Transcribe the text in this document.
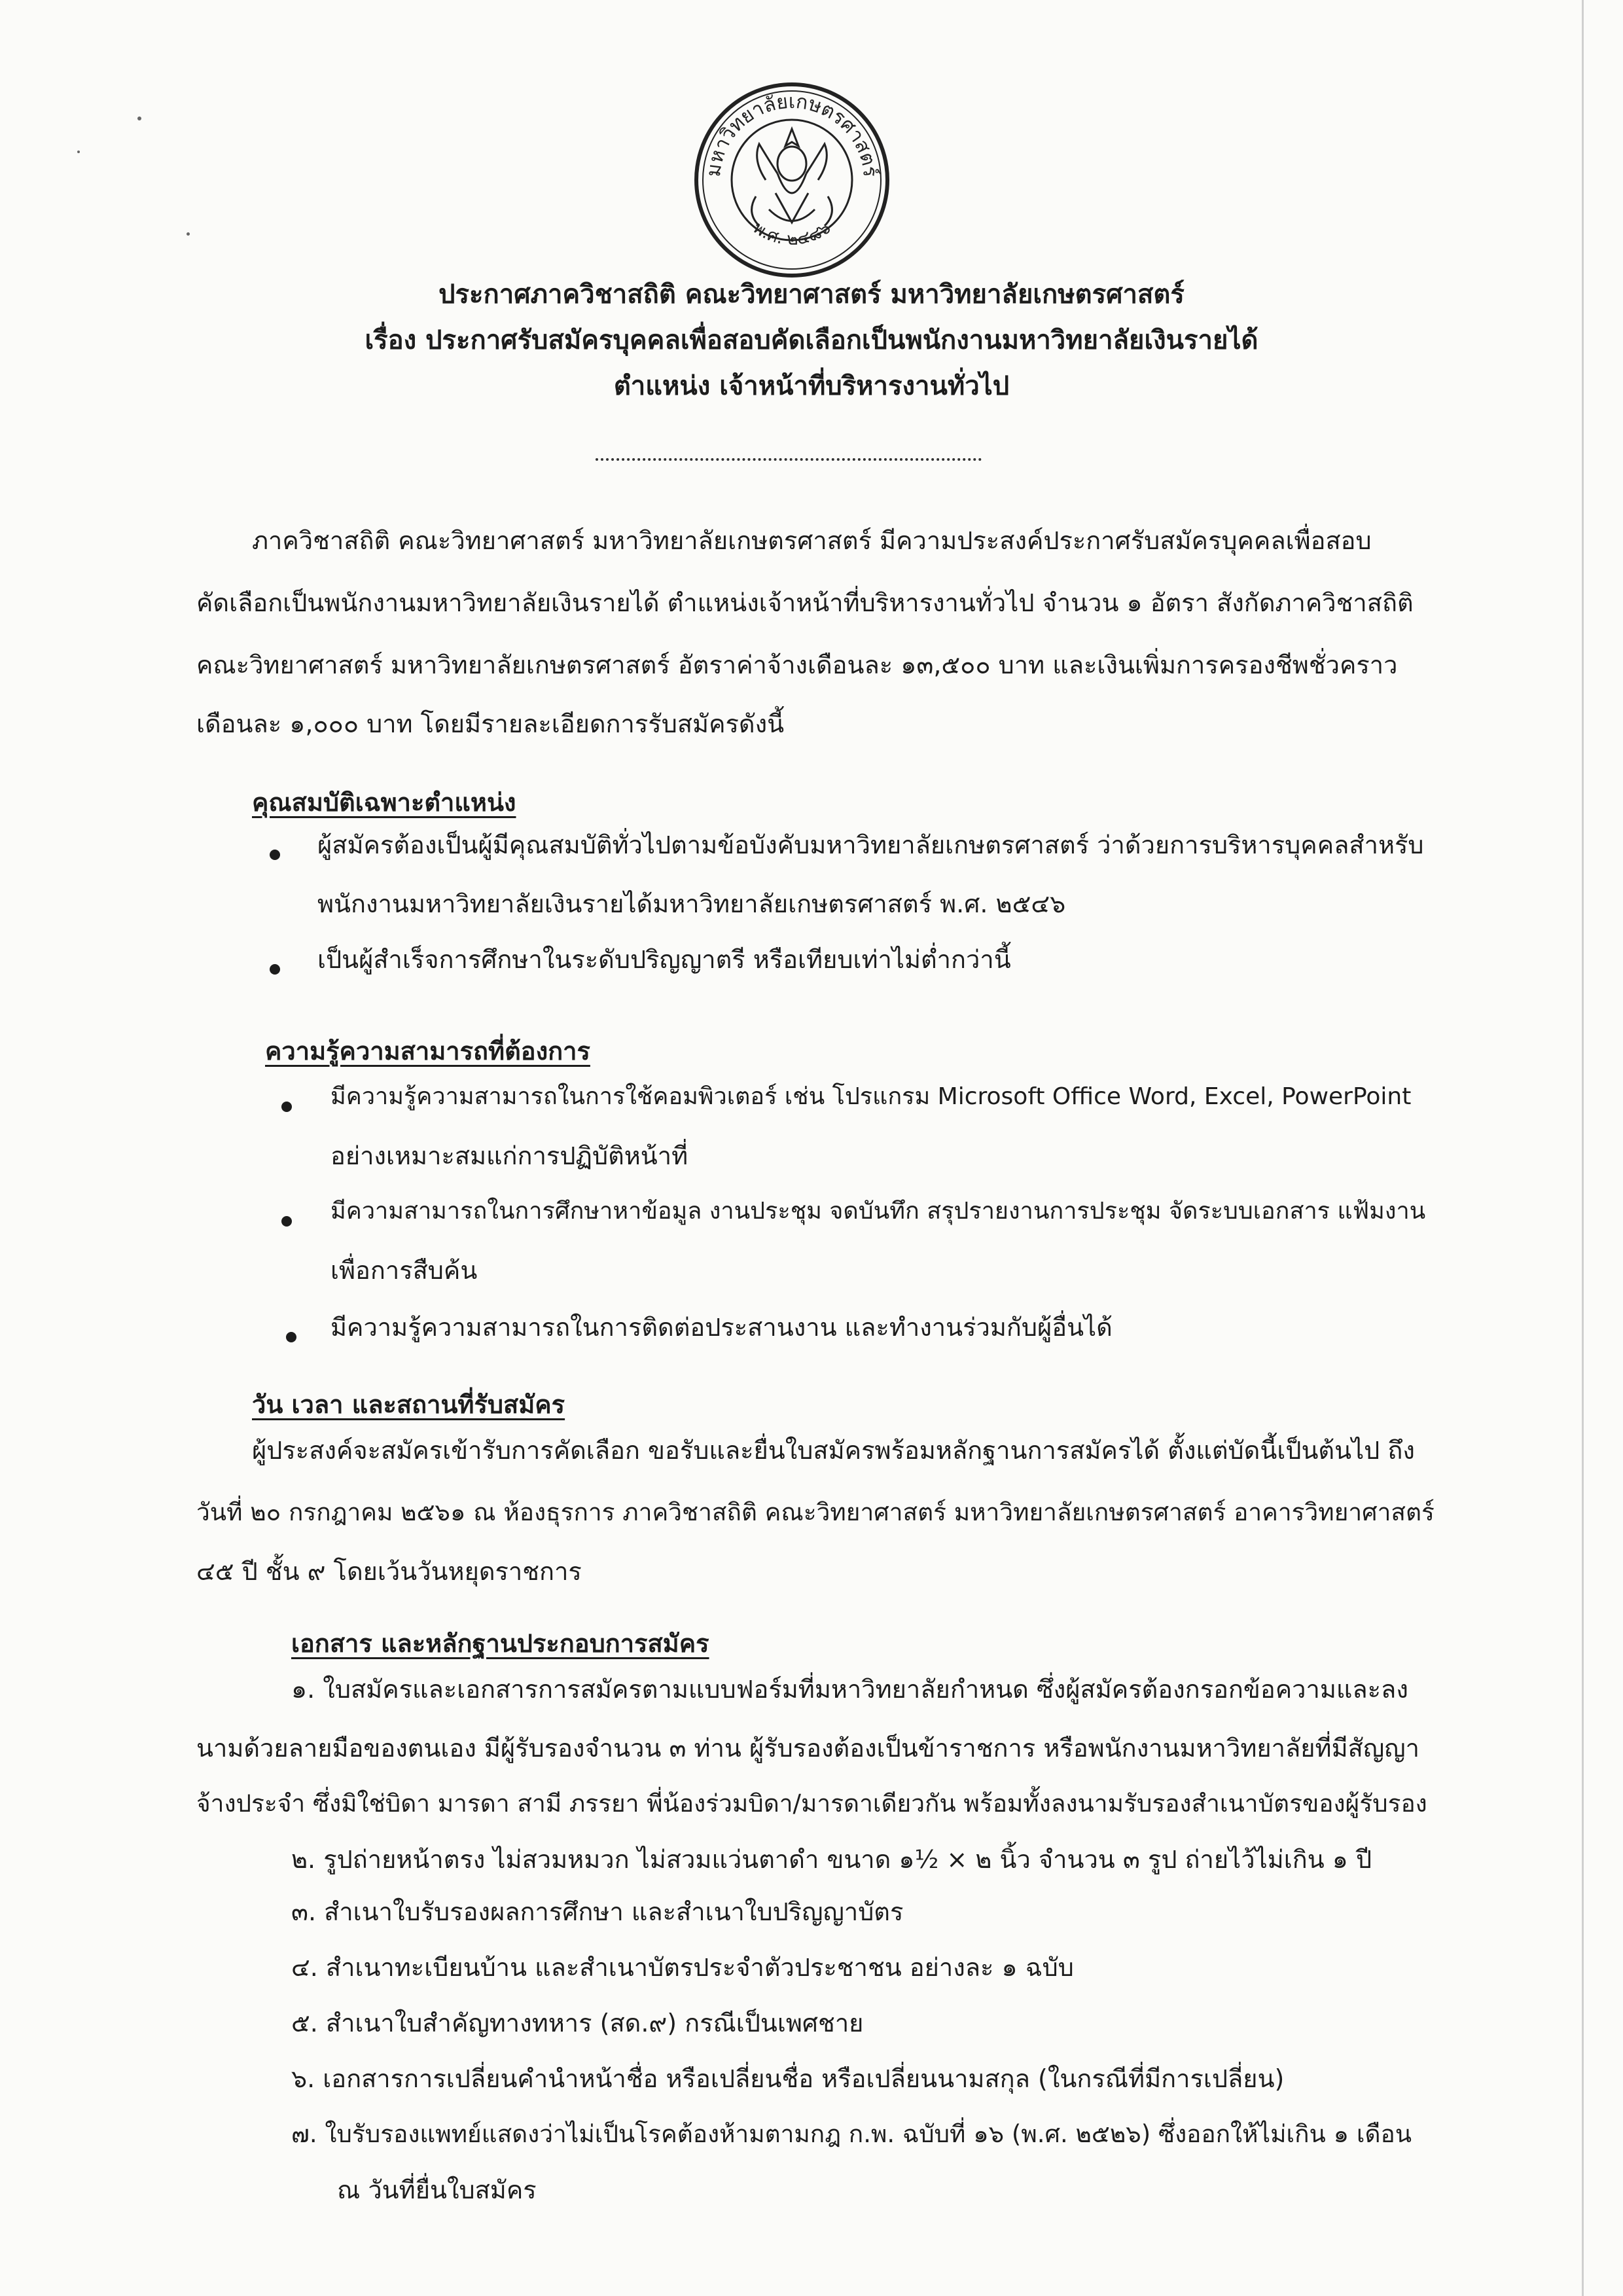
มหาวิทยาลัยเกษตรศาสตร์
พ.ศ. ๒๔๘๖
ประกาศภาควิชาสถิติ คณะวิทยาศาสตร์ มหาวิทยาลัยเกษตรศาสตร์
เรื่อง ประกาศรับสมัครบุคคลเพื่อสอบคัดเลือกเป็นพนักงานมหาวิทยาลัยเงินรายได้
ตำแหน่ง เจ้าหน้าที่บริหารงานทั่วไป
ภาควิชาสถิติ คณะวิทยาศาสตร์ มหาวิทยาลัยเกษตรศาสตร์ มีความประสงค์ประกาศรับสมัครบุคคลเพื่อสอบ
คัดเลือกเป็นพนักงานมหาวิทยาลัยเงินรายได้ ตำแหน่งเจ้าหน้าที่บริหารงานทั่วไป จำนวน ๑ อัตรา สังกัดภาควิชาสถิติ
คณะวิทยาศาสตร์ มหาวิทยาลัยเกษตรศาสตร์ อัตราค่าจ้างเดือนละ ๑๓,๕๐๐ บาท และเงินเพิ่มการครองชีพชั่วคราว
เดือนละ ๑,๐๐๐ บาท โดยมีรายละเอียดการรับสมัครดังนี้
คุณสมบัติเฉพาะตำแหน่ง
ผู้สมัครต้องเป็นผู้มีคุณสมบัติทั่วไปตามข้อบังคับมหาวิทยาลัยเกษตรศาสตร์ ว่าด้วยการบริหารบุคคลสำหรับ
พนักงานมหาวิทยาลัยเงินรายได้มหาวิทยาลัยเกษตรศาสตร์ พ.ศ. ๒๕๔๖
เป็นผู้สำเร็จการศึกษาในระดับปริญญาตรี หรือเทียบเท่าไม่ต่ำกว่านี้
ความรู้ความสามารถที่ต้องการ
มีความรู้ความสามารถในการใช้คอมพิวเตอร์ เช่น โปรแกรม Microsoft Office Word, Excel, PowerPoint
อย่างเหมาะสมแก่การปฏิบัติหน้าที่
มีความสามารถในการศึกษาหาข้อมูล งานประชุม จดบันทึก สรุปรายงานการประชุม จัดระบบเอกสาร แฟ้มงาน
เพื่อการสืบค้น
มีความรู้ความสามารถในการติดต่อประสานงาน และทำงานร่วมกับผู้อื่นได้
วัน เวลา และสถานที่รับสมัคร
ผู้ประสงค์จะสมัครเข้ารับการคัดเลือก ขอรับและยื่นใบสมัครพร้อมหลักฐานการสมัครได้ ตั้งแต่บัดนี้เป็นต้นไป ถึง
วันที่ ๒๐ กรกฎาคม ๒๕๖๑ ณ ห้องธุรการ ภาควิชาสถิติ คณะวิทยาศาสตร์ มหาวิทยาลัยเกษตรศาสตร์ อาคารวิทยาศาสตร์
๔๕ ปี ชั้น ๙ โดยเว้นวันหยุดราชการ
เอกสาร และหลักฐานประกอบการสมัคร
๑. ใบสมัครและเอกสารการสมัครตามแบบฟอร์มที่มหาวิทยาลัยกำหนด ซึ่งผู้สมัครต้องกรอกข้อความและลง
นามด้วยลายมือของตนเอง มีผู้รับรองจำนวน ๓ ท่าน ผู้รับรองต้องเป็นข้าราชการ หรือพนักงานมหาวิทยาลัยที่มีสัญญา
จ้างประจำ ซึ่งมิใช่บิดา มารดา สามี ภรรยา พี่น้องร่วมบิดา/มารดาเดียวกัน พร้อมทั้งลงนามรับรองสำเนาบัตรของผู้รับรอง
๒. รูปถ่ายหน้าตรง ไม่สวมหมวก ไม่สวมแว่นตาดำ ขนาด ๑½ × ๒ นิ้ว จำนวน ๓ รูป ถ่ายไว้ไม่เกิน ๑ ปี
๓. สำเนาใบรับรองผลการศึกษา และสำเนาใบปริญญาบัตร
๔. สำเนาทะเบียนบ้าน และสำเนาบัตรประจำตัวประชาชน อย่างละ ๑ ฉบับ
๕. สำเนาใบสำคัญทางทหาร (สด.๙) กรณีเป็นเพศชาย
๖. เอกสารการเปลี่ยนคำนำหน้าชื่อ หรือเปลี่ยนชื่อ หรือเปลี่ยนนามสกุล (ในกรณีที่มีการเปลี่ยน)
๗. ใบรับรองแพทย์แสดงว่าไม่เป็นโรคต้องห้ามตามกฎ ก.พ. ฉบับที่ ๑๖ (พ.ศ. ๒๕๒๖) ซึ่งออกให้ไม่เกิน ๑ เดือน
ณ วันที่ยื่นใบสมัคร
